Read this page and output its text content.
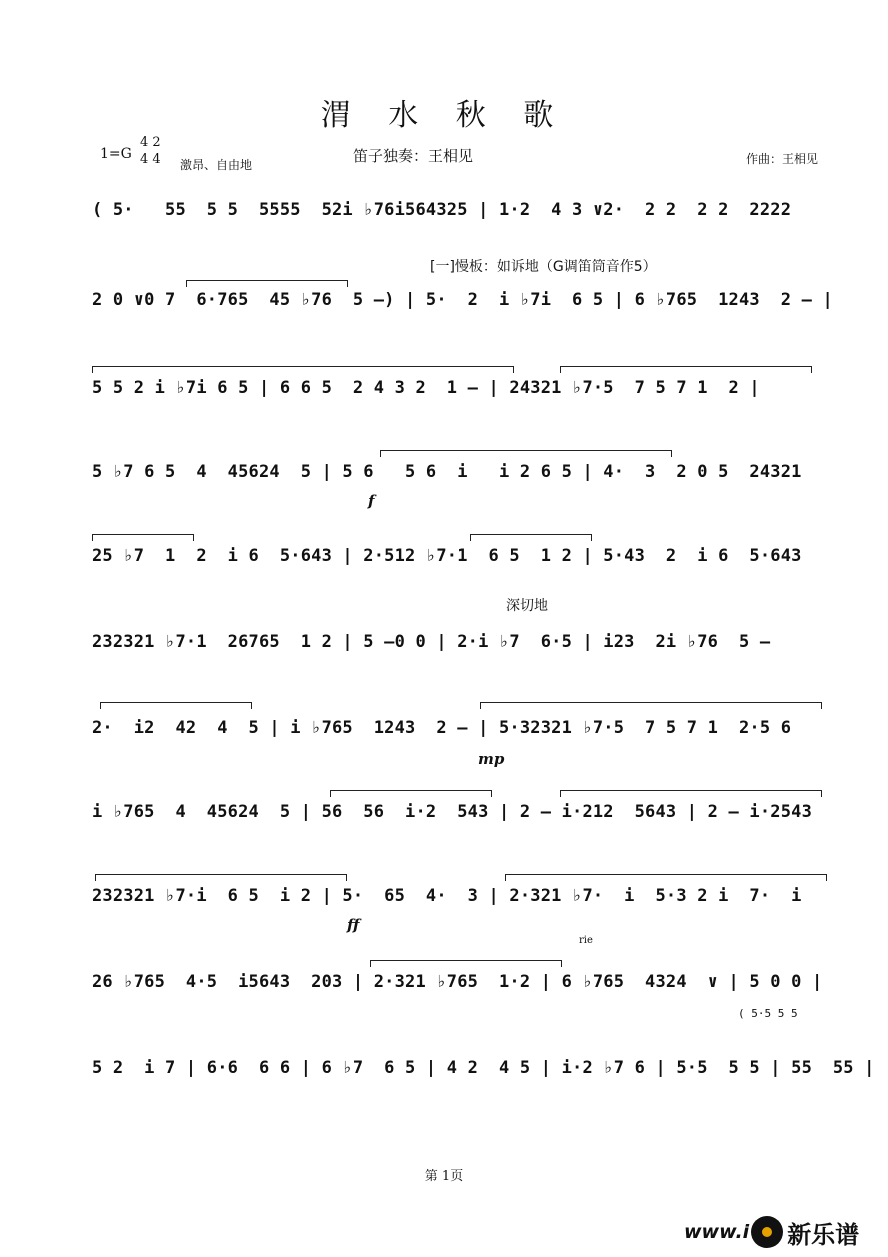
渭 水 秋 歌
1=G
4 2
4 4 激昂、自由地	笛子独奏：王相见	作曲：王相见
[一]慢板：如诉地（G调笛筒音作5）
深切地
( 5·   55  5 5  5555  52i ♭76i564325 | 1·2  4 3 ∨2·  2 2  2 2  2222
2 0 ∨0 7  6·765  45 ♭76  5 –) | 5·  2  i ♭7i  6 5 | 6 ♭765  1243  2 – |
5 5 2 i ♭7i 6 5 | 6 6 5  2 4 3 2  1 – | 24321 ♭7·5  7 5 7 1  2 |
5 ♭7 6 5  4  45624  5 | 5 6   5 6  i   i 2 6 5 | 4·  3  2 0 5  24321
25 ♭7  1  2  i 6  5·643 | 2·512 ♭7·1  6 5  1 2 | 5·43  2  i 6  5·643
232321 ♭7·1  26765  1 2 | 5 –0 0 | 2·i ♭7  6·5 | i23  2i ♭76  5 –
2·  i2  42  4  5 | i ♭765  1243  2 – | 5·32321 ♭7·5  7 5 7 1  2·5 6
i ♭765  4  45624  5 | 56  56  i·2  543 | 2 – i·212  5643 | 2 – i·2543
232321 ♭7·i  6 5  i 2 | 5·  65  4·  3 | 2·321 ♭7·  i  5·3 2 i  7·  i
26 ♭765  4·5  i5643  203 | 2·321 ♭765  1·2 | 6 ♭765  4324  ∨ | 5 0 0 |
5 2  i 7 | 6·6  6 6 | 6 ♭7  6 5 | 4 2  4 5 | i·2 ♭7 6 | 5·5  5 5 | 55  55 |
f
mp
ff
rie
( 5·5 5 5
第 1页
www.i 新乐谱
